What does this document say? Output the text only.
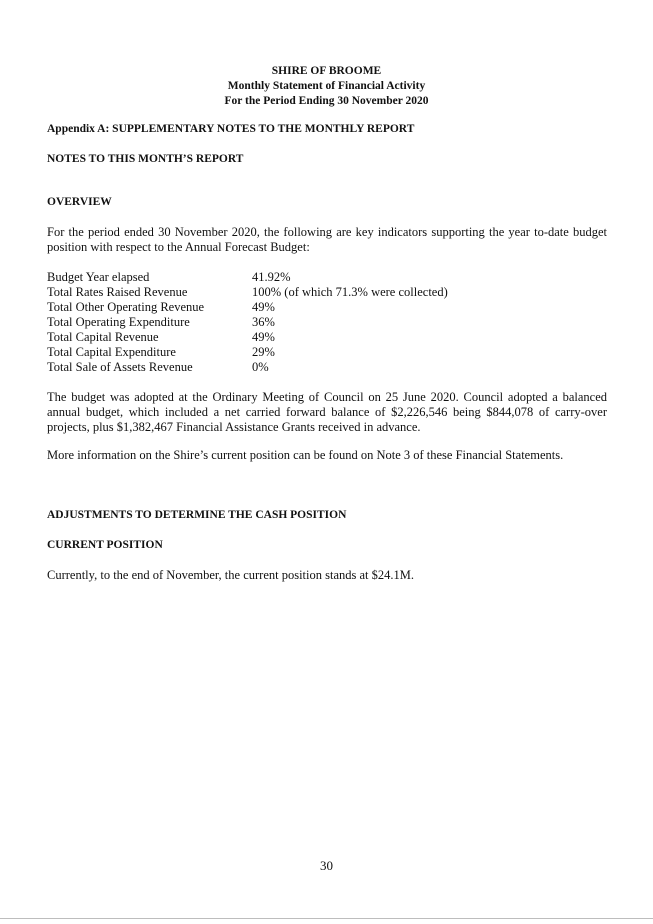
SHIRE OF BROOME
Monthly Statement of Financial Activity
For the Period Ending 30 November 2020
Appendix A: SUPPLEMENTARY NOTES TO THE MONTHLY REPORT
NOTES TO THIS MONTH’S REPORT
OVERVIEW
For the period ended 30 November 2020, the following are key indicators supporting the year to-date budget position with respect to the Annual Forecast Budget:
Budget Year elapsed	41.92%
Total Rates Raised Revenue	100% (of which 71.3% were collected)
Total Other Operating Revenue	49%
Total Operating Expenditure	36%
Total Capital Revenue	49%
Total Capital Expenditure	29%
Total Sale of Assets Revenue	0%
The budget was adopted at the Ordinary Meeting of Council on 25 June 2020. Council adopted a balanced annual budget, which included a net carried forward balance of $2,226,546 being $844,078 of carry-over projects, plus $1,382,467 Financial Assistance Grants received in advance.
More information on the Shire’s current position can be found on Note 3 of these Financial Statements.
ADJUSTMENTS TO DETERMINE THE CASH POSITION
CURRENT POSITION
Currently, to the end of November, the current position stands at $24.1M.
30
